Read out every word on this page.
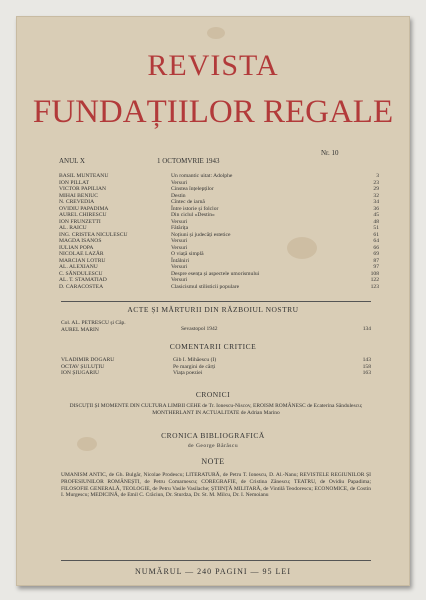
REVISTA
FUNDAȚIILOR REGALE
ANUL X	1 OCTOMVRIE 1943
Nr. 10
BASIL MUNTEANU	Un romantic uitat: Adolphe	3
ION PILLAT	Versuri	23
VICTOR PAPILIAN	Cinstea înțelepților	29
MIHAI BENIUC	Destin	32
N. CREVEDIA	Cîntec de iarnă	34
OVIDIU PAPADIMA	Între istorie și folclor	36
AUREL CHIRESCU	Din ciclul «Destin»	45
ION FRUNZETTI	Versuri	48
AL. RAICU	Fătărița	51
ING. CRISTEA NICULESCU	Noțiuni și judecăți estetice	61
MAGDA ISANOS	Versuri	64
IULIAN POPA	Versuri	66
NICOLAE LAZĂR	O viață simplă	69
MARCIAN LOTRU	Întâlniri	87
AL. ALEXIANU	Versuri	97
C. SĂNDULESCU	Despre esența și aspectele umorismului	108
AL. T. STAMATIAD	Versuri	122
D. CARACOSTEA	Clasicismul stilisticii populare	123
ACTE ȘI MĂRTURII DIN RĂZBOIUL NOSTRU
Col. AL. PETRESCU și Căp.
AUREL MARIN	Sevastopol 1942	134
COMENTARII CRITICE
VLADIMIR DOGARU	Gib I. Mihăescu (I)	143
OCTAV ȘULUȚIU	Pe margini de cărți	158
ION ȘIUGARIU	Viața poeziei	163
CRONICI
DISCUȚII ȘI MOMENTE DIN CULTURA LIMBII CEHE de Tr. Ionescu-Niscov, EROISM ROMÂNESC de Ecaterina Săndulescu; MONTHERLANT IN ACTUALITATE de Adrian Marino
CRONICA BIBLIOGRAFICĂ
de George Bărăscu
NOTE
UMANISM ANTIC, de Gh. Bulgăr, Nicolae Prodescu; LITERATURĂ, de Petru T. Ionescu, D. Al.-Nanu; REVISTELE REGIUNILOR ȘI PROFESIUNILOR ROMÂNEȘTI, de Petru Comarnescu; COREGRAFIE, de Cristina Zănescu; TEATRU, de Ovidiu Papadima; FILOSOFIE GENERALĂ, TEOLOGIE, de Petru Vasile Vasilache; ȘTIINȚĂ MILITARĂ, de Vintilă Teodorescu; ECONOMICE, de Costin I. Murgescu; MEDICINĂ, de Emil C. Crăciun, Dr. Sturdza, Dr. St. M. Milcu, Dr. I. Nemoianu
NUMĂRUL — 240 PAGINI — 95 LEI
